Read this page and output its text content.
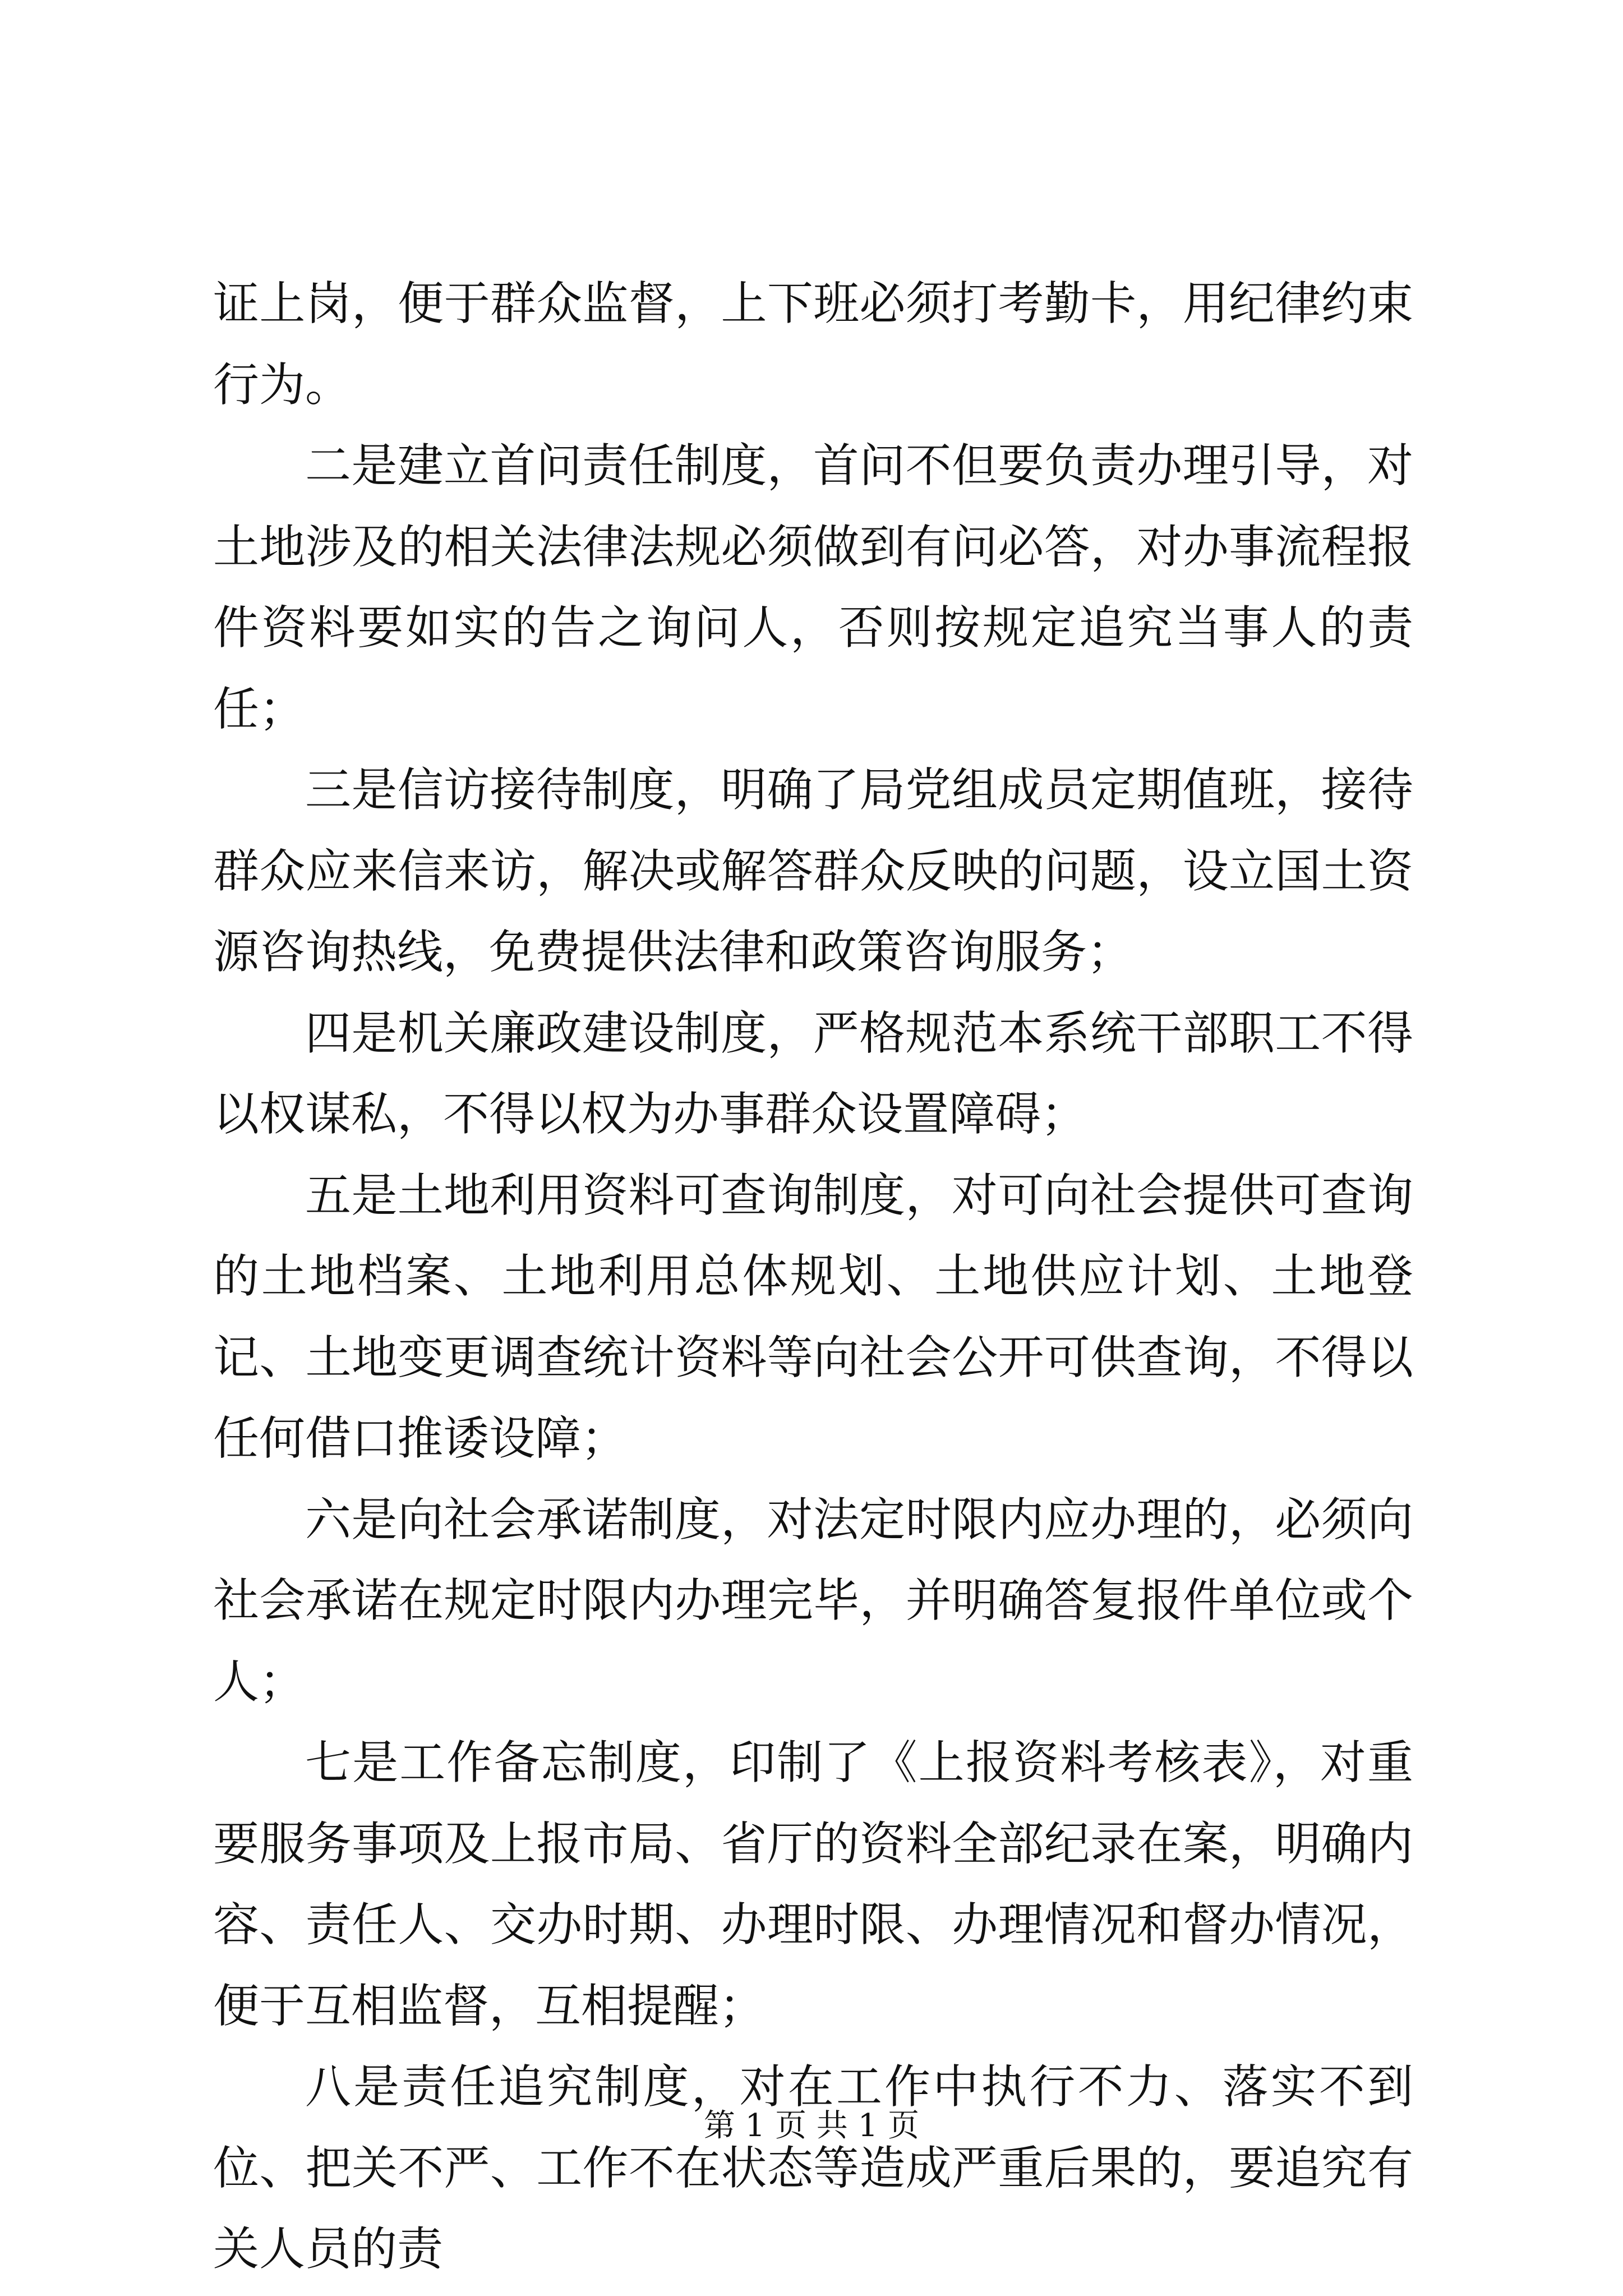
证上岗，便于群众监督，上下班必须打考勤卡，用纪律约束行为。

二是建立首问责任制度，首问不但要负责办理引导，对土地涉及的相关法律法规必须做到有问必答，对办事流程报件资料要如实的告之询问人，否则按规定追究当事人的责任；

三是信访接待制度，明确了局党组成员定期值班，接待群众应来信来访，解决或解答群众反映的问题，设立国土资源咨询热线，免费提供法律和政策咨询服务；

四是机关廉政建设制度，严格规范本系统干部职工不得以权谋私，不得以权为办事群众设置障碍；

五是土地利用资料可查询制度，对可向社会提供可查询的土地档案、土地利用总体规划、土地供应计划、土地登记、土地变更调查统计资料等向社会公开可供查询，不得以任何借口推诿设障；

六是向社会承诺制度，对法定时限内应办理的，必须向社会承诺在规定时限内办理完毕，并明确答复报件单位或个人；

七是工作备忘制度，印制了《上报资料考核表》，对重要服务事项及上报市局、省厅的资料全部纪录在案，明确内容、责任人、交办时期、办理时限、办理情况和督办情况，便于互相监督，互相提醒；

八是责任追究制度，对在工作中执行不力、落实不到位、把关不严、工作不在状态等造成严重后果的，要追究有关人员的责

第 1 页 共 1 页
